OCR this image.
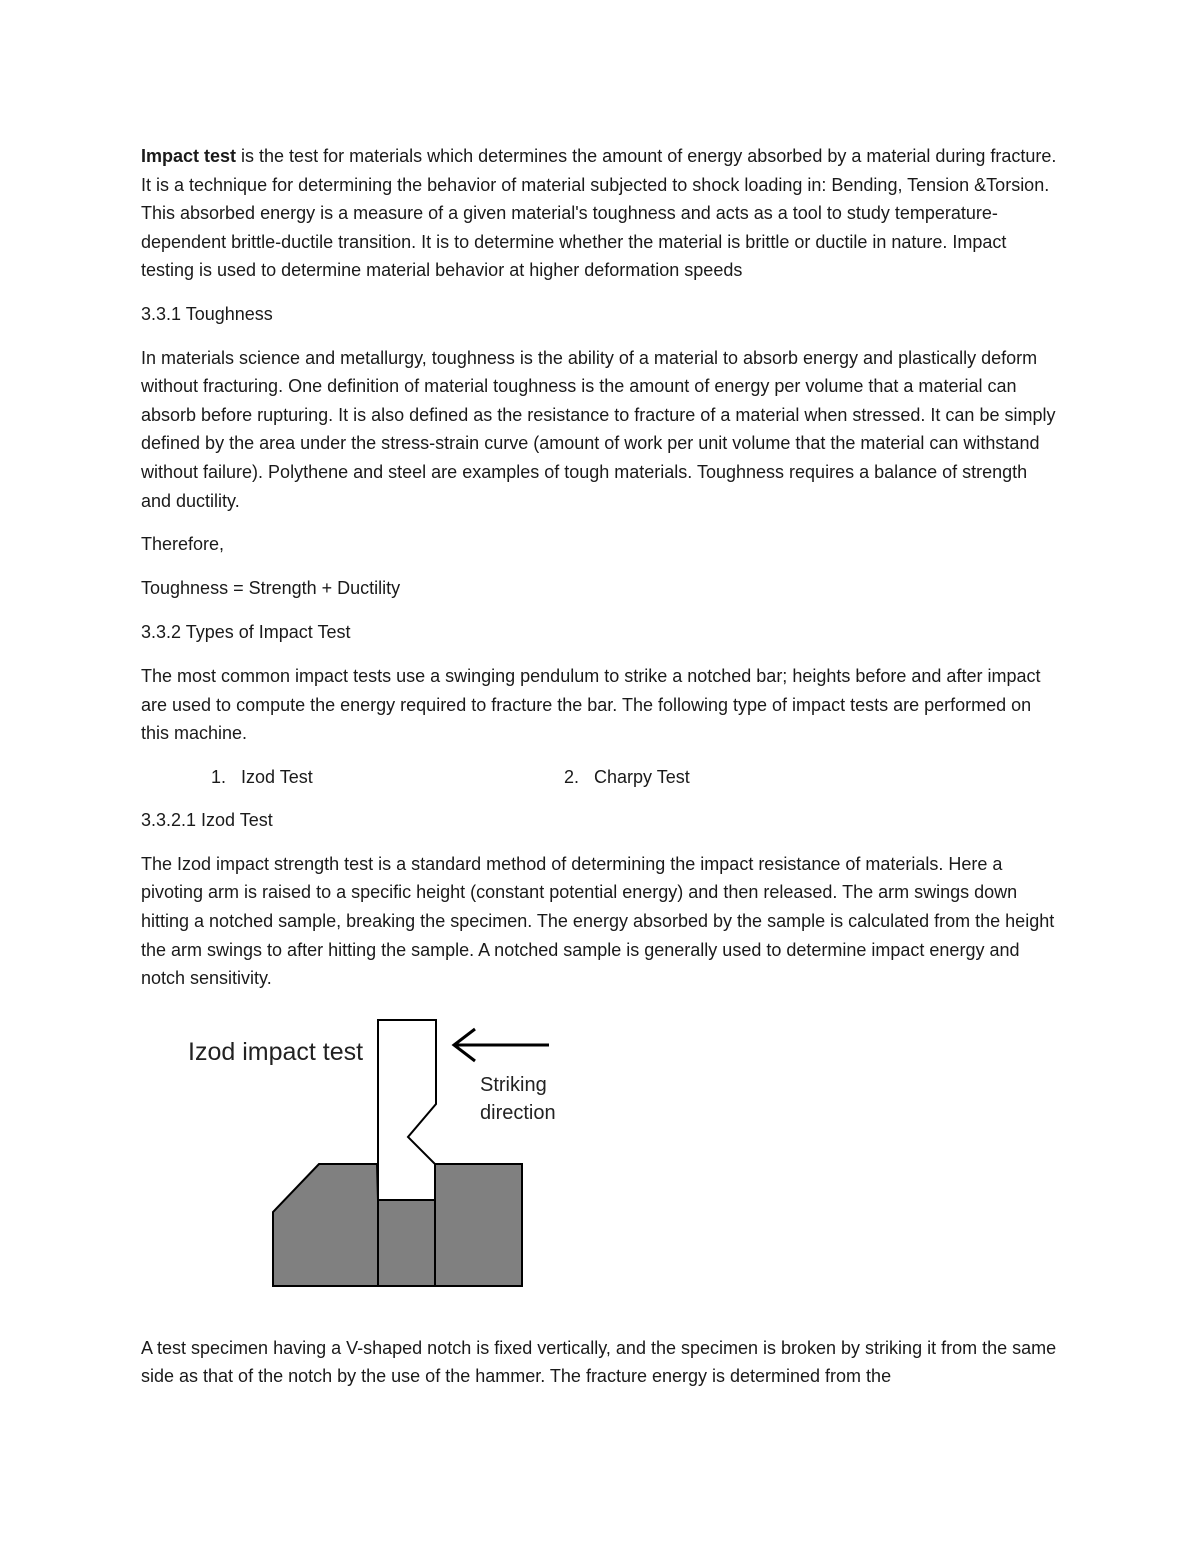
Impact test is the test for materials which determines the amount of energy absorbed by a material during fracture. It is a technique for determining the behavior of material subjected to shock loading in: Bending, Tension &Torsion. This absorbed energy is a measure of a given material's toughness and acts as a tool to study temperature-dependent brittle-ductile transition. It is to determine whether the material is brittle or ductile in nature. Impact testing is used to determine material behavior at higher deformation speeds

3.3.1 Toughness

In materials science and metallurgy, toughness is the ability of a material to absorb energy and plastically deform without fracturing. One definition of material toughness is the amount of energy per volume that a material can absorb before rupturing. It is also defined as the resistance to fracture of a material when stressed. It can be simply defined by the area under the stress-strain curve (amount of work per unit volume that the material can withstand without failure). Polythene and steel are examples of tough materials. Toughness requires a balance of strength and ductility.

Therefore,

Toughness = Strength + Ductility

3.3.2 Types of Impact Test

The most common impact tests use a swinging pendulum to strike a notched bar; heights before and after impact are used to compute the energy required to fracture the bar. The following type of impact tests are performed on this machine.

1. Izod Test	2. Charpy Test

3.3.2.1 Izod Test

The Izod impact strength test is a standard method of determining the impact resistance of materials. Here a pivoting arm is raised to a specific height (constant potential energy) and then released. The arm swings down hitting a notched sample, breaking the specimen. The energy absorbed by the sample is calculated from the height the arm swings to after hitting the sample. A notched sample is generally used to determine impact energy and notch sensitivity.

Izod impact test
Striking
direction

A test specimen having a V-shaped notch is fixed vertically, and the specimen is broken by striking it from the same side as that of the notch by the use of the hammer. The fracture energy is determined from the
